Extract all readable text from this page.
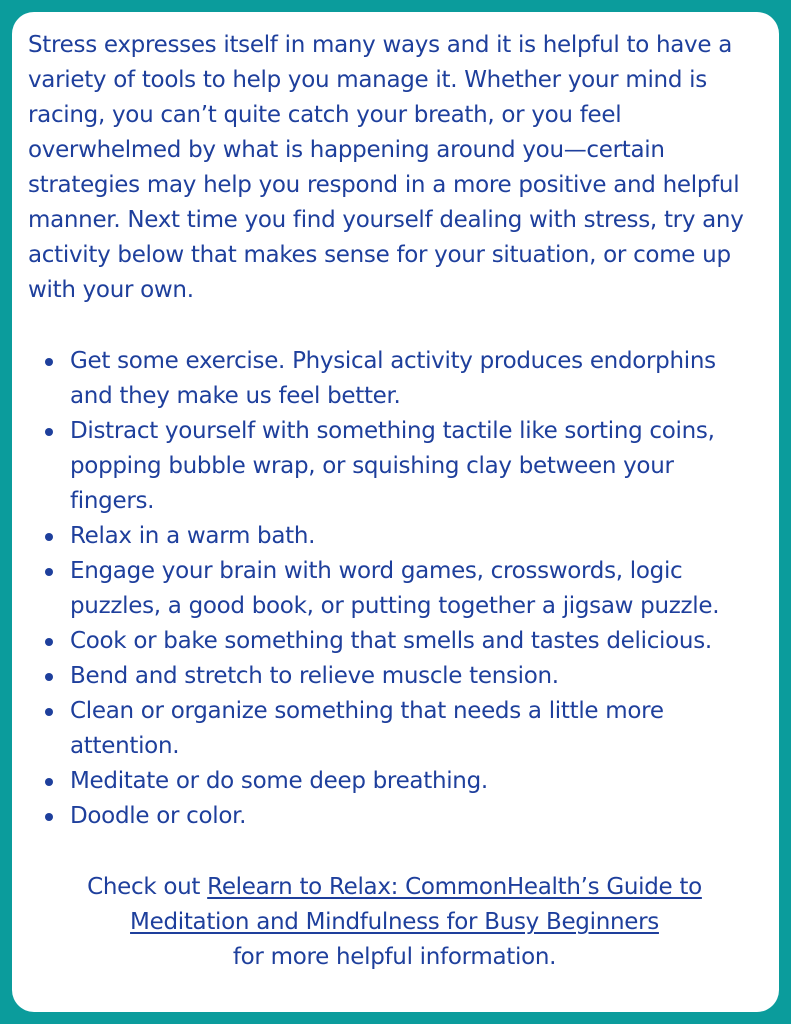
Stress expresses itself in many ways and it is helpful to have a variety of tools to help you manage it. Whether your mind is racing, you can’t quite catch your breath, or you feel overwhelmed by what is happening around you—certain strategies may help you respond in a more positive and helpful manner. Next time you find yourself dealing with stress, try any activity below that makes sense for your situation, or come up with your own.

Get some exercise. Physical activity produces endorphins and they make us feel better.
Distract yourself with something tactile like sorting coins, popping bubble wrap, or squishing clay between your fingers.
Relax in a warm bath.
Engage your brain with word games, crosswords, logic puzzles, a good book, or putting together a jigsaw puzzle.
Cook or bake something that smells and tastes delicious.
Bend and stretch to relieve muscle tension.
Clean or organize something that needs a little more attention.
Meditate or do some deep breathing.
Doodle or color.
Check out Relearn to Relax: CommonHealth’s Guide to Meditation and Mindfulness for Busy Beginners
for more helpful information.
